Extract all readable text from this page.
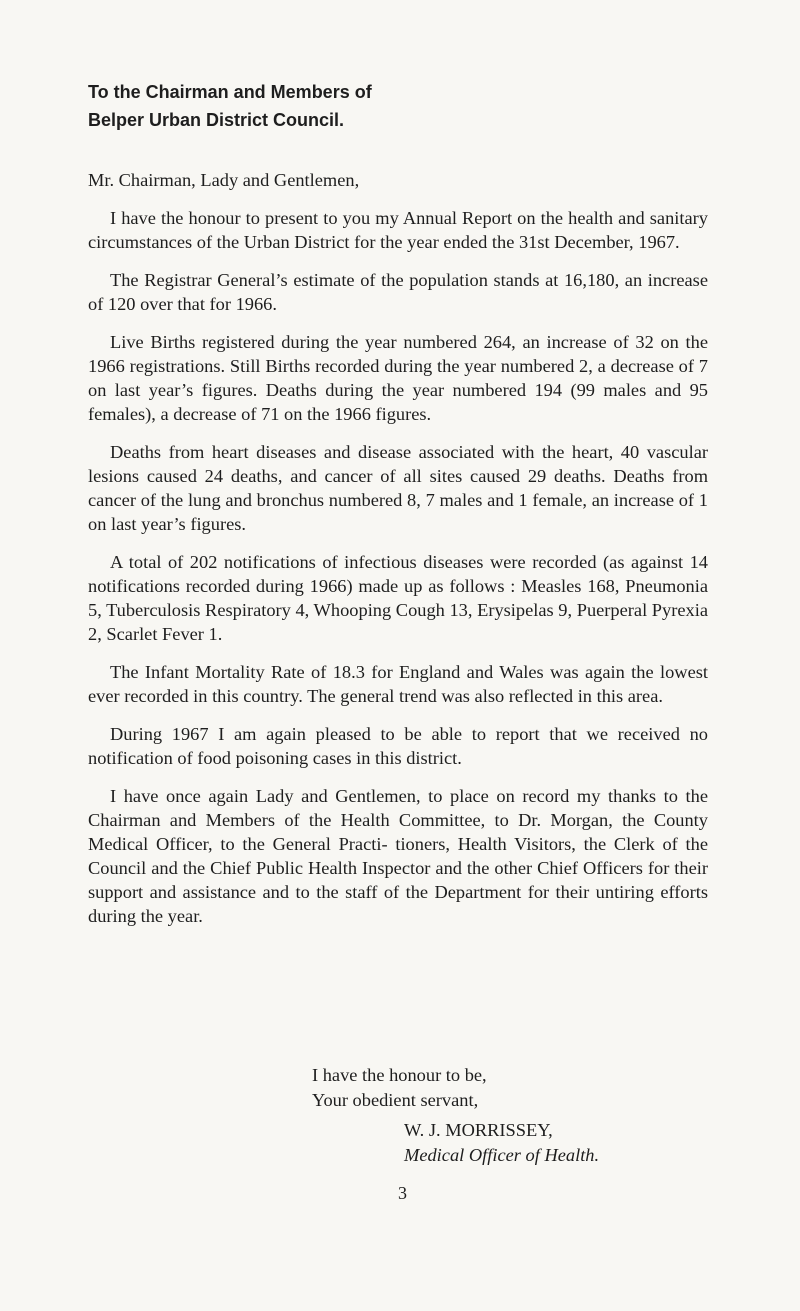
To the Chairman and Members of
Belper Urban District Council.

Mr. Chairman, Lady and Gentlemen,

I have the honour to present to you my Annual Report on the health and sanitary circumstances of the Urban District for the year ended the 31st December, 1967.

The Registrar General’s estimate of the population stands at 16,180, an increase of 120 over that for 1966.

Live Births registered during the year numbered 264, an increase of 32 on the 1966 registrations. Still Births recorded during the year numbered 2, a decrease of 7 on last year’s figures. Deaths during the year numbered 194 (99 males and 95 females), a decrease of 71 on the 1966 figures.

Deaths from heart diseases and disease associated with the heart, 40 vascular lesions caused 24 deaths, and cancer of all sites caused 29 deaths. Deaths from cancer of the lung and bronchus numbered 8, 7 males and 1 female, an increase of 1 on last year’s figures.

A total of 202 notifications of infectious diseases were recorded (as against 14 notifications recorded during 1966) made up as follows : Measles 168, Pneumonia 5, Tuberculosis Respiratory 4, Whooping Cough 13, Erysipelas 9, Puerperal Pyrexia 2, Scarlet Fever 1.

The Infant Mortality Rate of 18.3 for England and Wales was again the lowest ever recorded in this country. The general trend was also reflected in this area.

During 1967 I am again pleased to be able to report that we received no notification of food poisoning cases in this district.

I have once again Lady and Gentlemen, to place on record my thanks to the Chairman and Members of the Health Committee, to Dr. Morgan, the County Medical Officer, to the General Practi- tioners, Health Visitors, the Clerk of the Council and the Chief Public Health Inspector and the other Chief Officers for their support and assistance and to the staff of the Department for their untiring efforts during the year.

I have the honour to be,
Your obedient servant,
W. J. MORRISSEY,
Medical Officer of Health.
3
